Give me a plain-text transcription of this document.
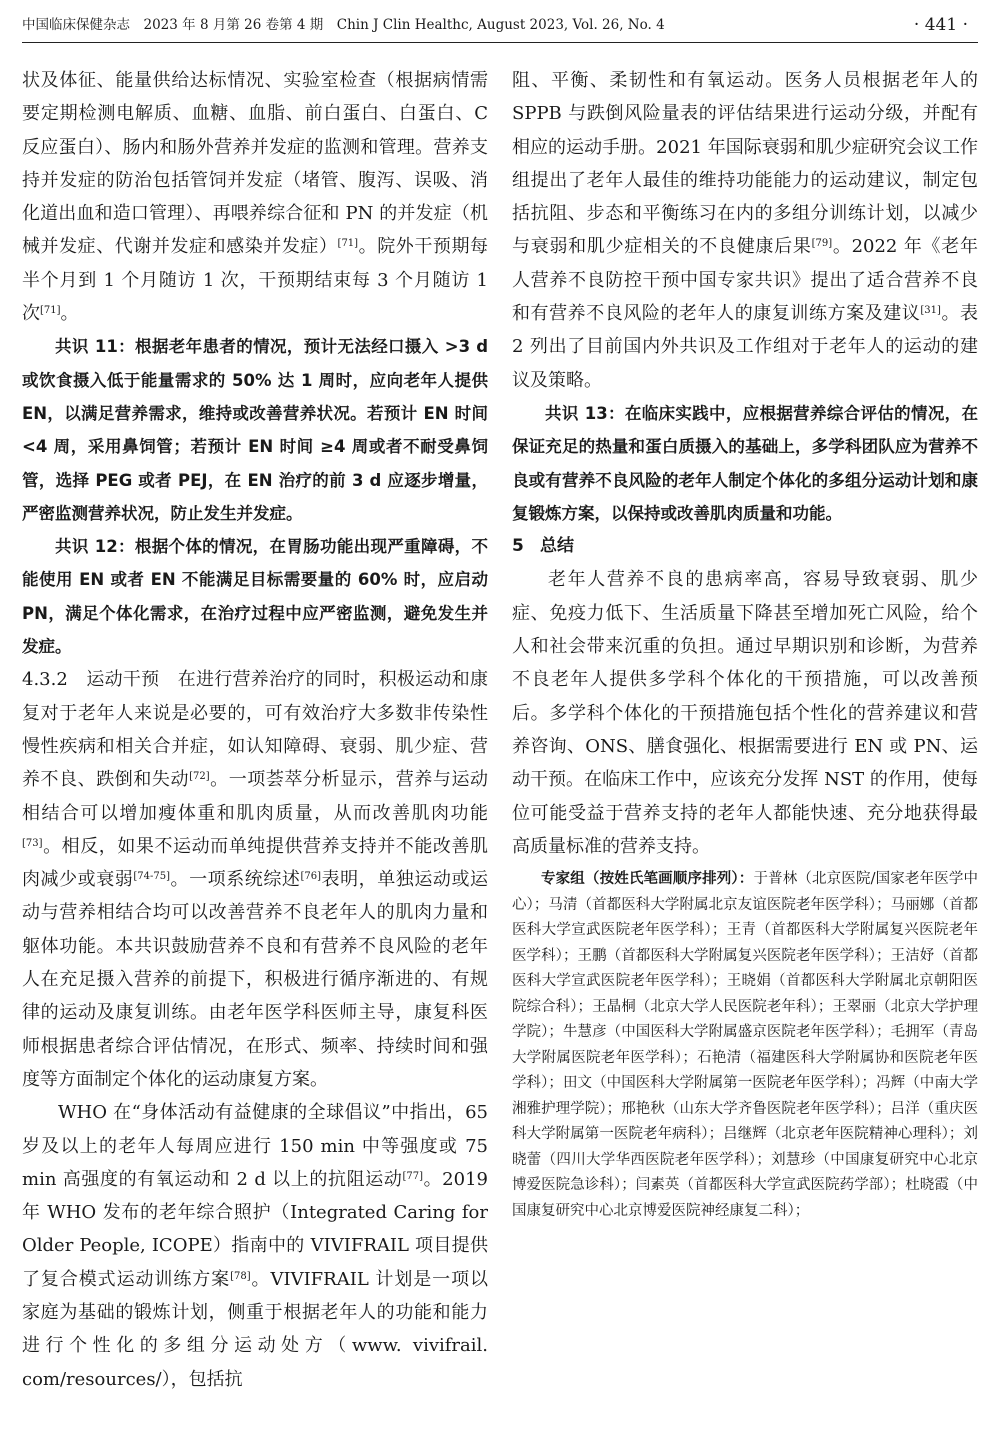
中国临床保健杂志　2023 年 8 月第 26 卷第 4 期　Chin J Clin Healthc, August 2023, Vol. 26, No. 4	· 441 ·

状及体征、能量供给达标情况、实验室检查（根据病情需要定期检测电解质、血糖、血脂、前白蛋白、白蛋白、C 反应蛋白）、肠内和肠外营养并发症的监测和管理。营养支持并发症的防治包括管饲并发症（堵管、腹泻、误吸、消化道出血和造口管理）、再喂养综合征和 PN 的并发症（机械并发症、代谢并发症和感染并发症）[71]。院外干预期每半个月到 1 个月随访 1 次，干预期结束每 3 个月随访 1 次[71]。

共识 11：根据老年患者的情况，预计无法经口摄入 >3 d 或饮食摄入低于能量需求的 50% 达 1 周时，应向老年人提供 EN，以满足营养需求，维持或改善营养状况。若预计 EN 时间 <4 周，采用鼻饲管；若预计 EN 时间 ≥4 周或者不耐受鼻饲管，选择 PEG 或者 PEJ，在 EN 治疗的前 3 d 应逐步增量，严密监测营养状况，防止发生并发症。

共识 12：根据个体的情况，在胃肠功能出现严重障碍，不能使用 EN 或者 EN 不能满足目标需要量的 60% 时，应启动 PN，满足个体化需求，在治疗过程中应严密监测，避免发生并发症。

4.3.2　运动干预　在进行营养治疗的同时，积极运动和康复对于老年人来说是必要的，可有效治疗大多数非传染性慢性疾病和相关合并症，如认知障碍、衰弱、肌少症、营养不良、跌倒和失动[72]。一项荟萃分析显示，营养与运动相结合可以增加瘦体重和肌肉质量，从而改善肌肉功能[73]。相反，如果不运动而单纯提供营养支持并不能改善肌肉减少或衰弱[74-75]。一项系统综述[76]表明，单独运动或运动与营养相结合均可以改善营养不良老年人的肌肉力量和躯体功能。本共识鼓励营养不良和有营养不良风险的老年人在充足摄入营养的前提下，积极进行循序渐进的、有规律的运动及康复训练。由老年医学科医师主导，康复科医师根据患者综合评估情况，在形式、频率、持续时间和强度等方面制定个体化的运动康复方案。

WHO 在“身体活动有益健康的全球倡议”中指出，65 岁及以上的老年人每周应进行 150 min 中等强度或 75 min 高强度的有氧运动和 2 d 以上的抗阻运动[77]。2019 年 WHO 发布的老年综合照护（Integrated Caring for Older People, ICOPE）指南中的 VIVIFRAIL 项目提供了复合模式运动训练方案[78]。VIVIFRAIL 计划是一项以家庭为基础的锻炼计划，侧重于根据老年人的功能和能力进行个性化的多组分运动处方（www. vivifrail. com/resources/），包括抗

阻、平衡、柔韧性和有氧运动。医务人员根据老年人的 SPPB 与跌倒风险量表的评估结果进行运动分级，并配有相应的运动手册。2021 年国际衰弱和肌少症研究会议工作组提出了老年人最佳的维持功能能力的运动建议，制定包括抗阻、步态和平衡练习在内的多组分训练计划，以减少与衰弱和肌少症相关的不良健康后果[79]。2022 年《老年人营养不良防控干预中国专家共识》提出了适合营养不良和有营养不良风险的老年人的康复训练方案及建议[31]。表 2 列出了目前国内外共识及工作组对于老年人的运动的建议及策略。

共识 13：在临床实践中，应根据营养综合评估的情况，在保证充足的热量和蛋白质摄入的基础上，多学科团队应为营养不良或有营养不良风险的老年人制定个体化的多组分运动计划和康复锻炼方案，以保持或改善肌肉质量和功能。

5 总结

老年人营养不良的患病率高，容易导致衰弱、肌少症、免疫力低下、生活质量下降甚至增加死亡风险，给个人和社会带来沉重的负担。通过早期识别和诊断，为营养不良老年人提供多学科个体化的干预措施，可以改善预后。多学科个体化的干预措施包括个性化的营养建议和营养咨询、ONS、膳食强化、根据需要进行 EN 或 PN、运动干预。在临床工作中，应该充分发挥 NST 的作用，使每位可能受益于营养支持的老年人都能快速、充分地获得最高质量标准的营养支持。

专家组（按姓氏笔画顺序排列）：于普林（北京医院/国家老年医学中心）；马清（首都医科大学附属北京友谊医院老年医学科）；马丽娜（首都医科大学宣武医院老年医学科）；王青（首都医科大学附属复兴医院老年医学科）；王鹏（首都医科大学附属复兴医院老年医学科）；王洁妤（首都医科大学宣武医院老年医学科）；王晓娟（首都医科大学附属北京朝阳医院综合科）；王晶桐（北京大学人民医院老年科）；王翠丽（北京大学护理学院）；牛慧彦（中国医科大学附属盛京医院老年医学科）；毛拥军（青岛大学附属医院老年医学科）；石艳清（福建医科大学附属协和医院老年医学科）；田文（中国医科大学附属第一医院老年医学科）；冯辉（中南大学湘雅护理学院）；邢艳秋（山东大学齐鲁医院老年医学科）；吕洋（重庆医科大学附属第一医院老年病科）；吕继辉（北京老年医院精神心理科）；刘晓蕾（四川大学华西医院老年医学科）；刘慧珍（中国康复研究中心北京博爱医院急诊科）；闫素英（首都医科大学宣武医院药学部）；杜晓霞（中国康复研究中心北京博爱医院神经康复二科）；
